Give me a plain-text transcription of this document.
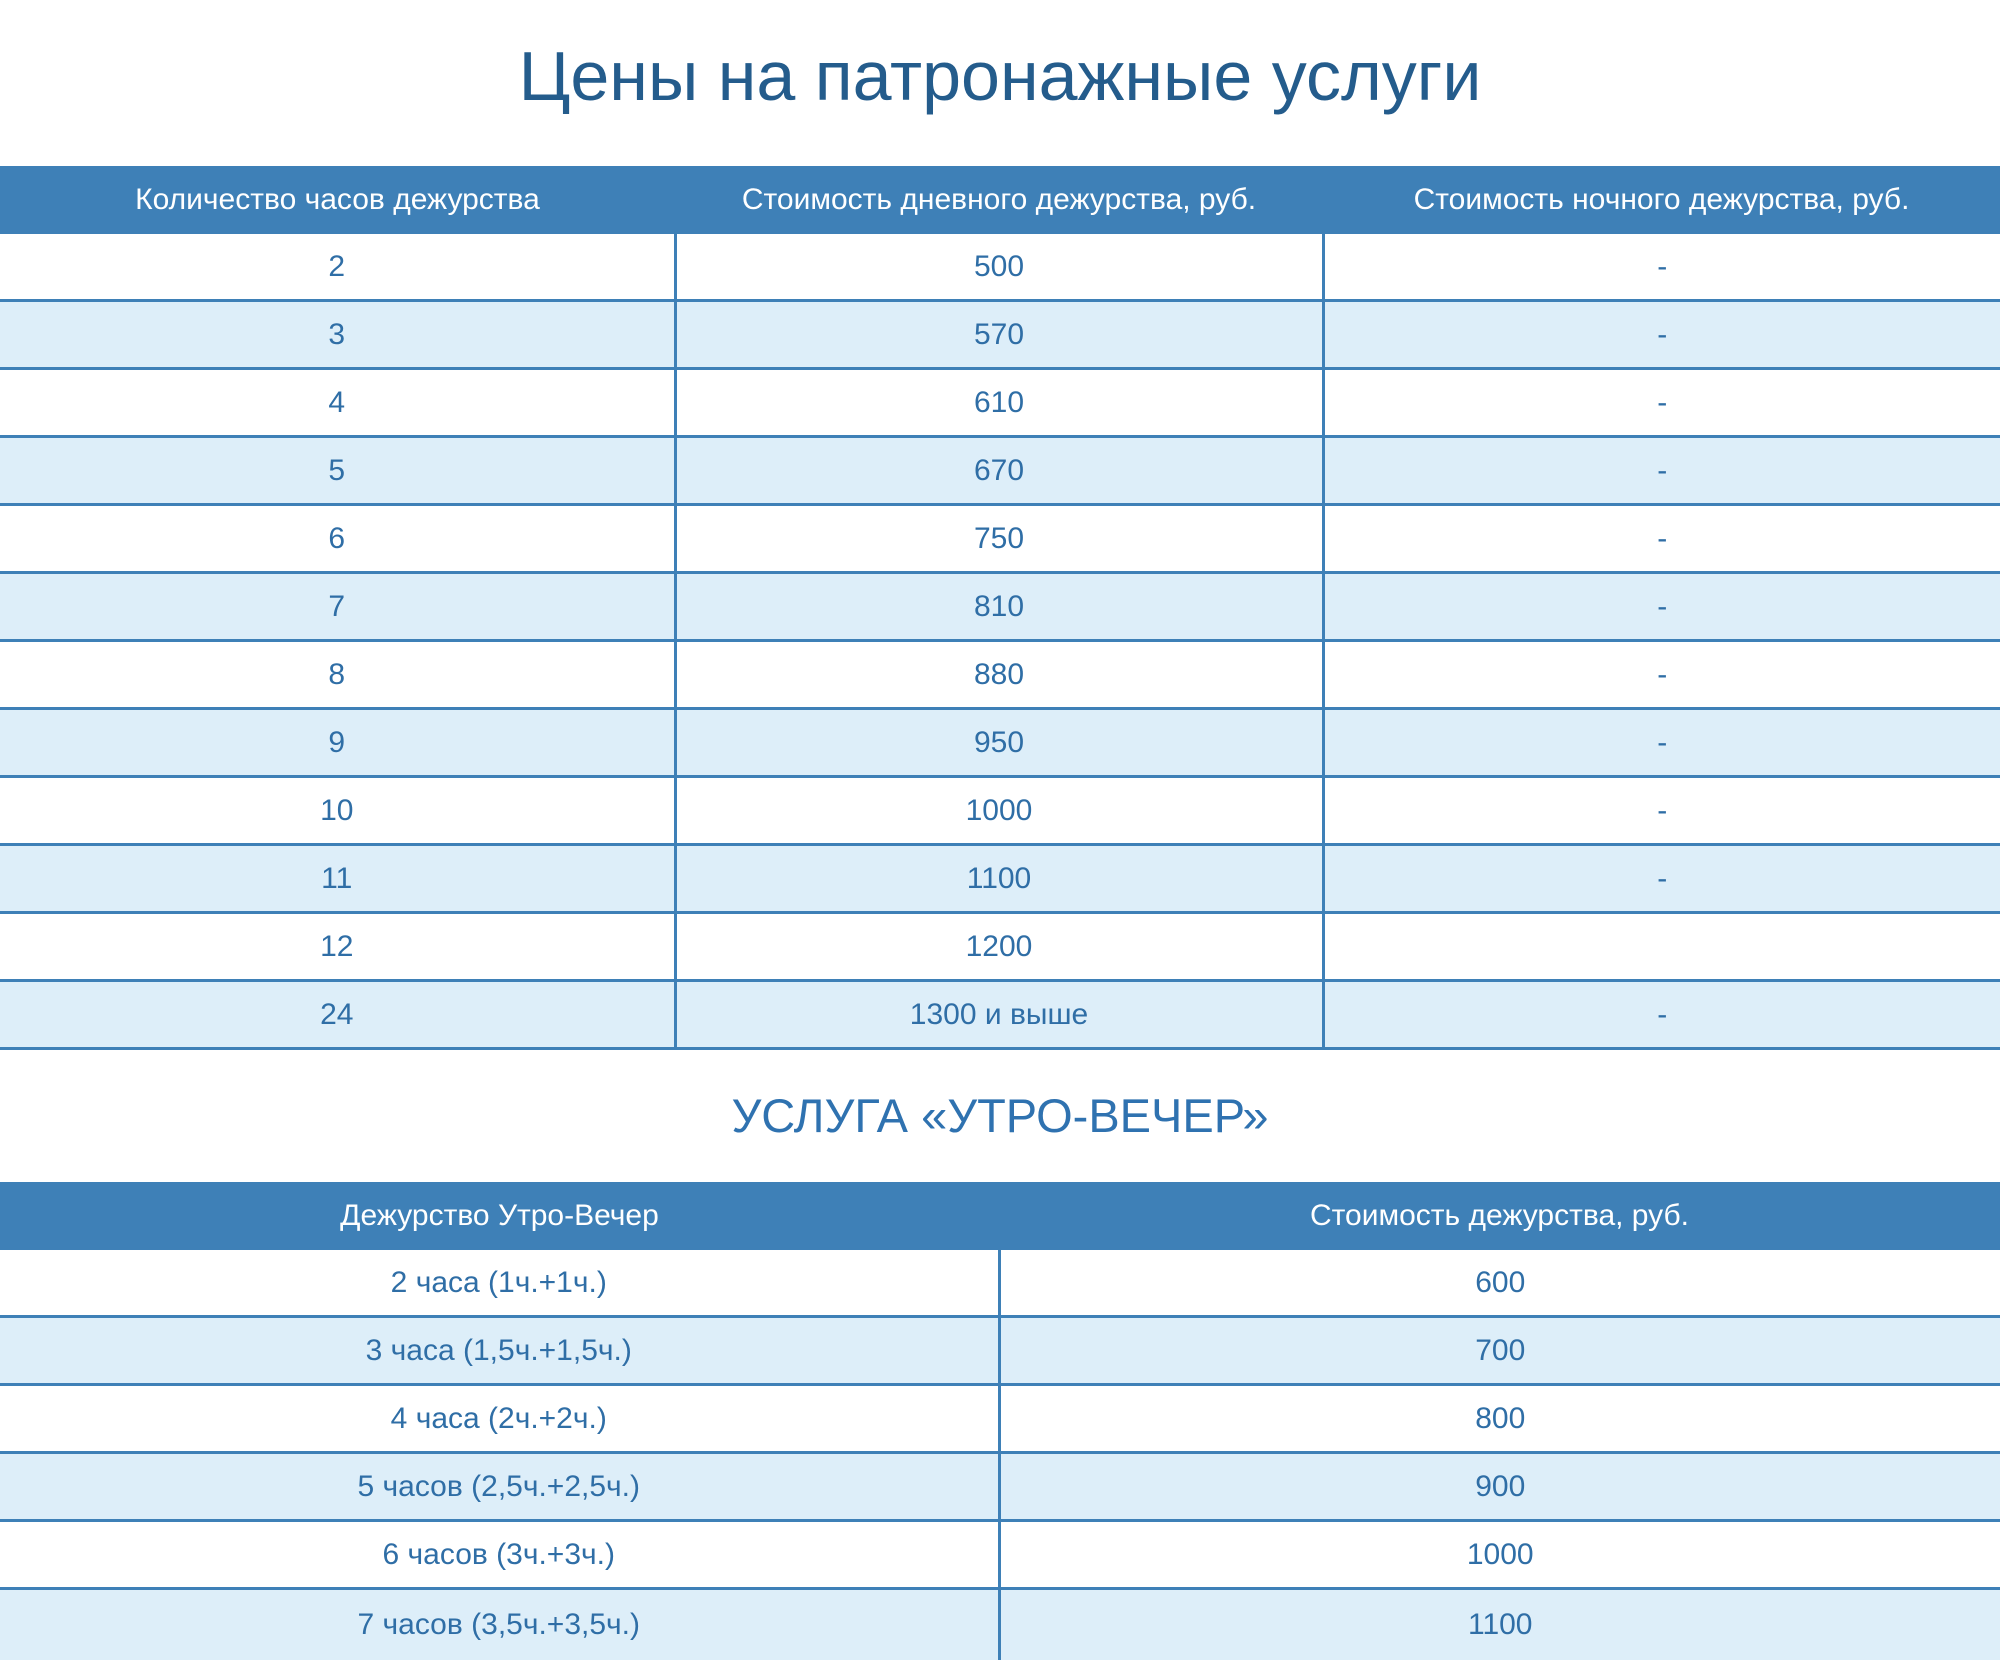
Цены на патронажные услуги
Количество часов дежурства	Стоимость дневного дежурства, руб.	Стоимость ночного дежурства, руб.
2	500	-
3	570	-
4	610	-
5	670	-
6	750	-
7	810	-
8	880	-
9	950	-
10	1000	-
11	1100	-
12	1200	
24	1300 и выше	-
УСЛУГА «УТРО-ВЕЧЕР»
Дежурство Утро-Вечер	Стоимость дежурства, руб.
2 часа (1ч.+1ч.)	600
3 часа (1,5ч.+1,5ч.)	700
4 часа (2ч.+2ч.)	800
5 часов (2,5ч.+2,5ч.)	900
6 часов (3ч.+3ч.)	1000
7 часов (3,5ч.+3,5ч.)	1100
